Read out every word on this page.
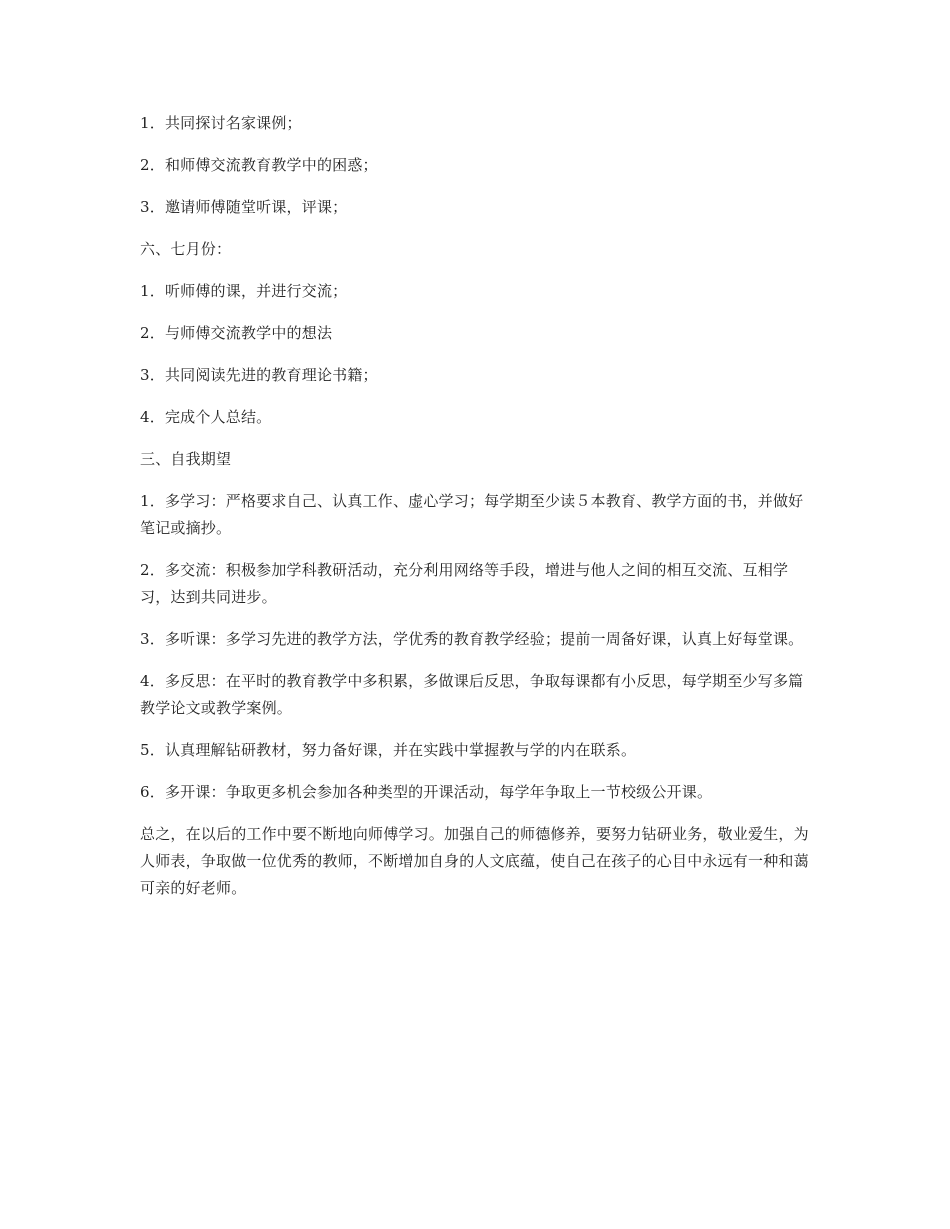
1．共同探讨名家课例；

2．和师傅交流教育教学中的困惑；

3．邀请师傅随堂听课，评课；

六、七月份：

1．听师傅的课，并进行交流；

2．与师傅交流教学中的想法

3．共同阅读先进的教育理论书籍；

4．完成个人总结。

三、自我期望

1．多学习：严格要求自己、认真工作、虚心学习；每学期至少读５本教育、教学方面的书，并做好笔记或摘抄。

2．多交流：积极参加学科教研活动，充分利用网络等手段，增进与他人之间的相互交流、互相学习，达到共同进步。

3．多听课：多学习先进的教学方法，学优秀的教育教学经验；提前一周备好课，认真上好每堂课。

4．多反思：在平时的教育教学中多积累，多做课后反思，争取每课都有小反思，每学期至少写多篇教学论文或教学案例。

5．认真理解钻研教材，努力备好课，并在实践中掌握教与学的内在联系。

6．多开课：争取更多机会参加各种类型的开课活动，每学年争取上一节校级公开课。

总之，在以后的工作中要不断地向师傅学习。加强自己的师德修养，要努力钻研业务，敬业爱生，为人师表，争取做一位优秀的教师，不断增加自身的人文底蕴，使自己在孩子的心目中永远有一种和蔼可亲的好老师。
